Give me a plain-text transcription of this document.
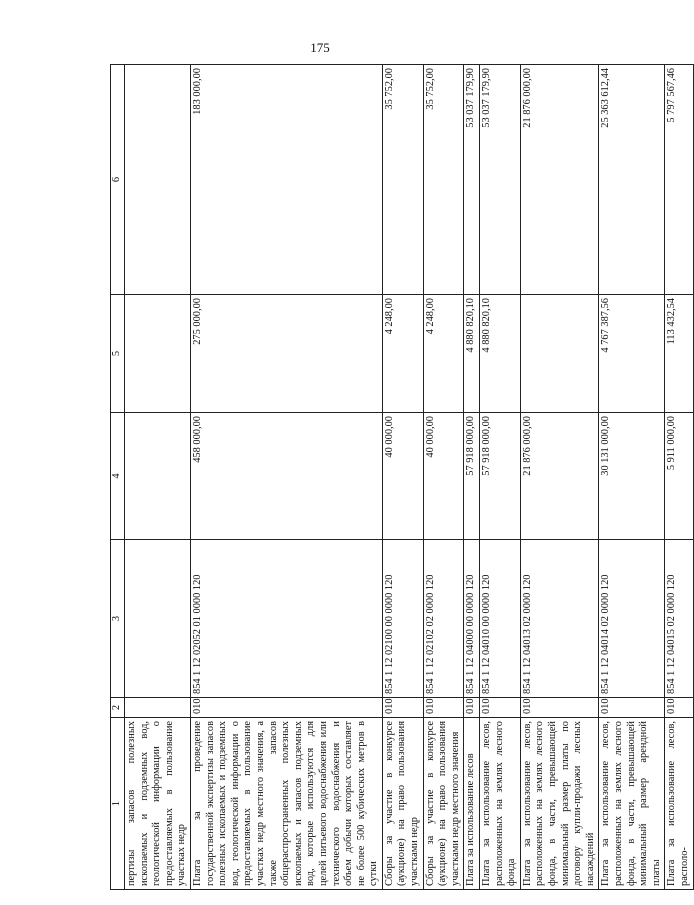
175
1	2	3	4	5	6
пертизы запасов полезных ископаемых и подземных вод, геологической информации о предоставляемых в пользование участках недр					
Плата за проведение государственной экспертизы запасов полезных ископаемых и подземных вод, геологической информации о предоставляемых в пользование участках недр местного значения, а также запасов общераспространенных полезных ископаемых и запасов подземных вод, которые используются для целей питьевого водоснабжения или технического водоснабжения и объем добычи которых составляет не более 500 кубических метров в сутки	010	854 1 12 02052 01 0000 120	458 000,00	275 000,00	183 000,00
Сборы за участие в конкурсе (аукционе) на право пользования участками недр	010	854 1 12 02100 00 0000 120	40 000,00	4 248,00	35 752,00
Сборы за участие в конкурсе (аукционе) на право пользования участками недр местного значения	010	854 1 12 02102 02 0000 120	40 000,00	4 248,00	35 752,00
Плата за использование лесов	010	854 1 12 04000 00 0000 120	57 918 000,00	4 880 820,10	53 037 179,90
Плата за использование лесов, расположенных на землях лесного фонда	010	854 1 12 04010 00 0000 120	57 918 000,00	4 880 820,10	53 037 179,90
Плата за использование лесов, расположенных на землях лесного фонда, в части, превышающей минимальный размер платы по договору купли-продажи лесных насаждений	010	854 1 12 04013 02 0000 120	21 876 000,00		21 876 000,00
Плата за использование лесов, расположенных на землях лесного фонда, в части, превышающей минимальный размер арендной платы	010	854 1 12 04014 02 0000 120	30 131 000,00	4 767 387,56	25 363 612,44
Плата за использование лесов, располо-	010	854 1 12 04015 02 0000 120	5 911 000,00	113 432,54	5 797 567,46
